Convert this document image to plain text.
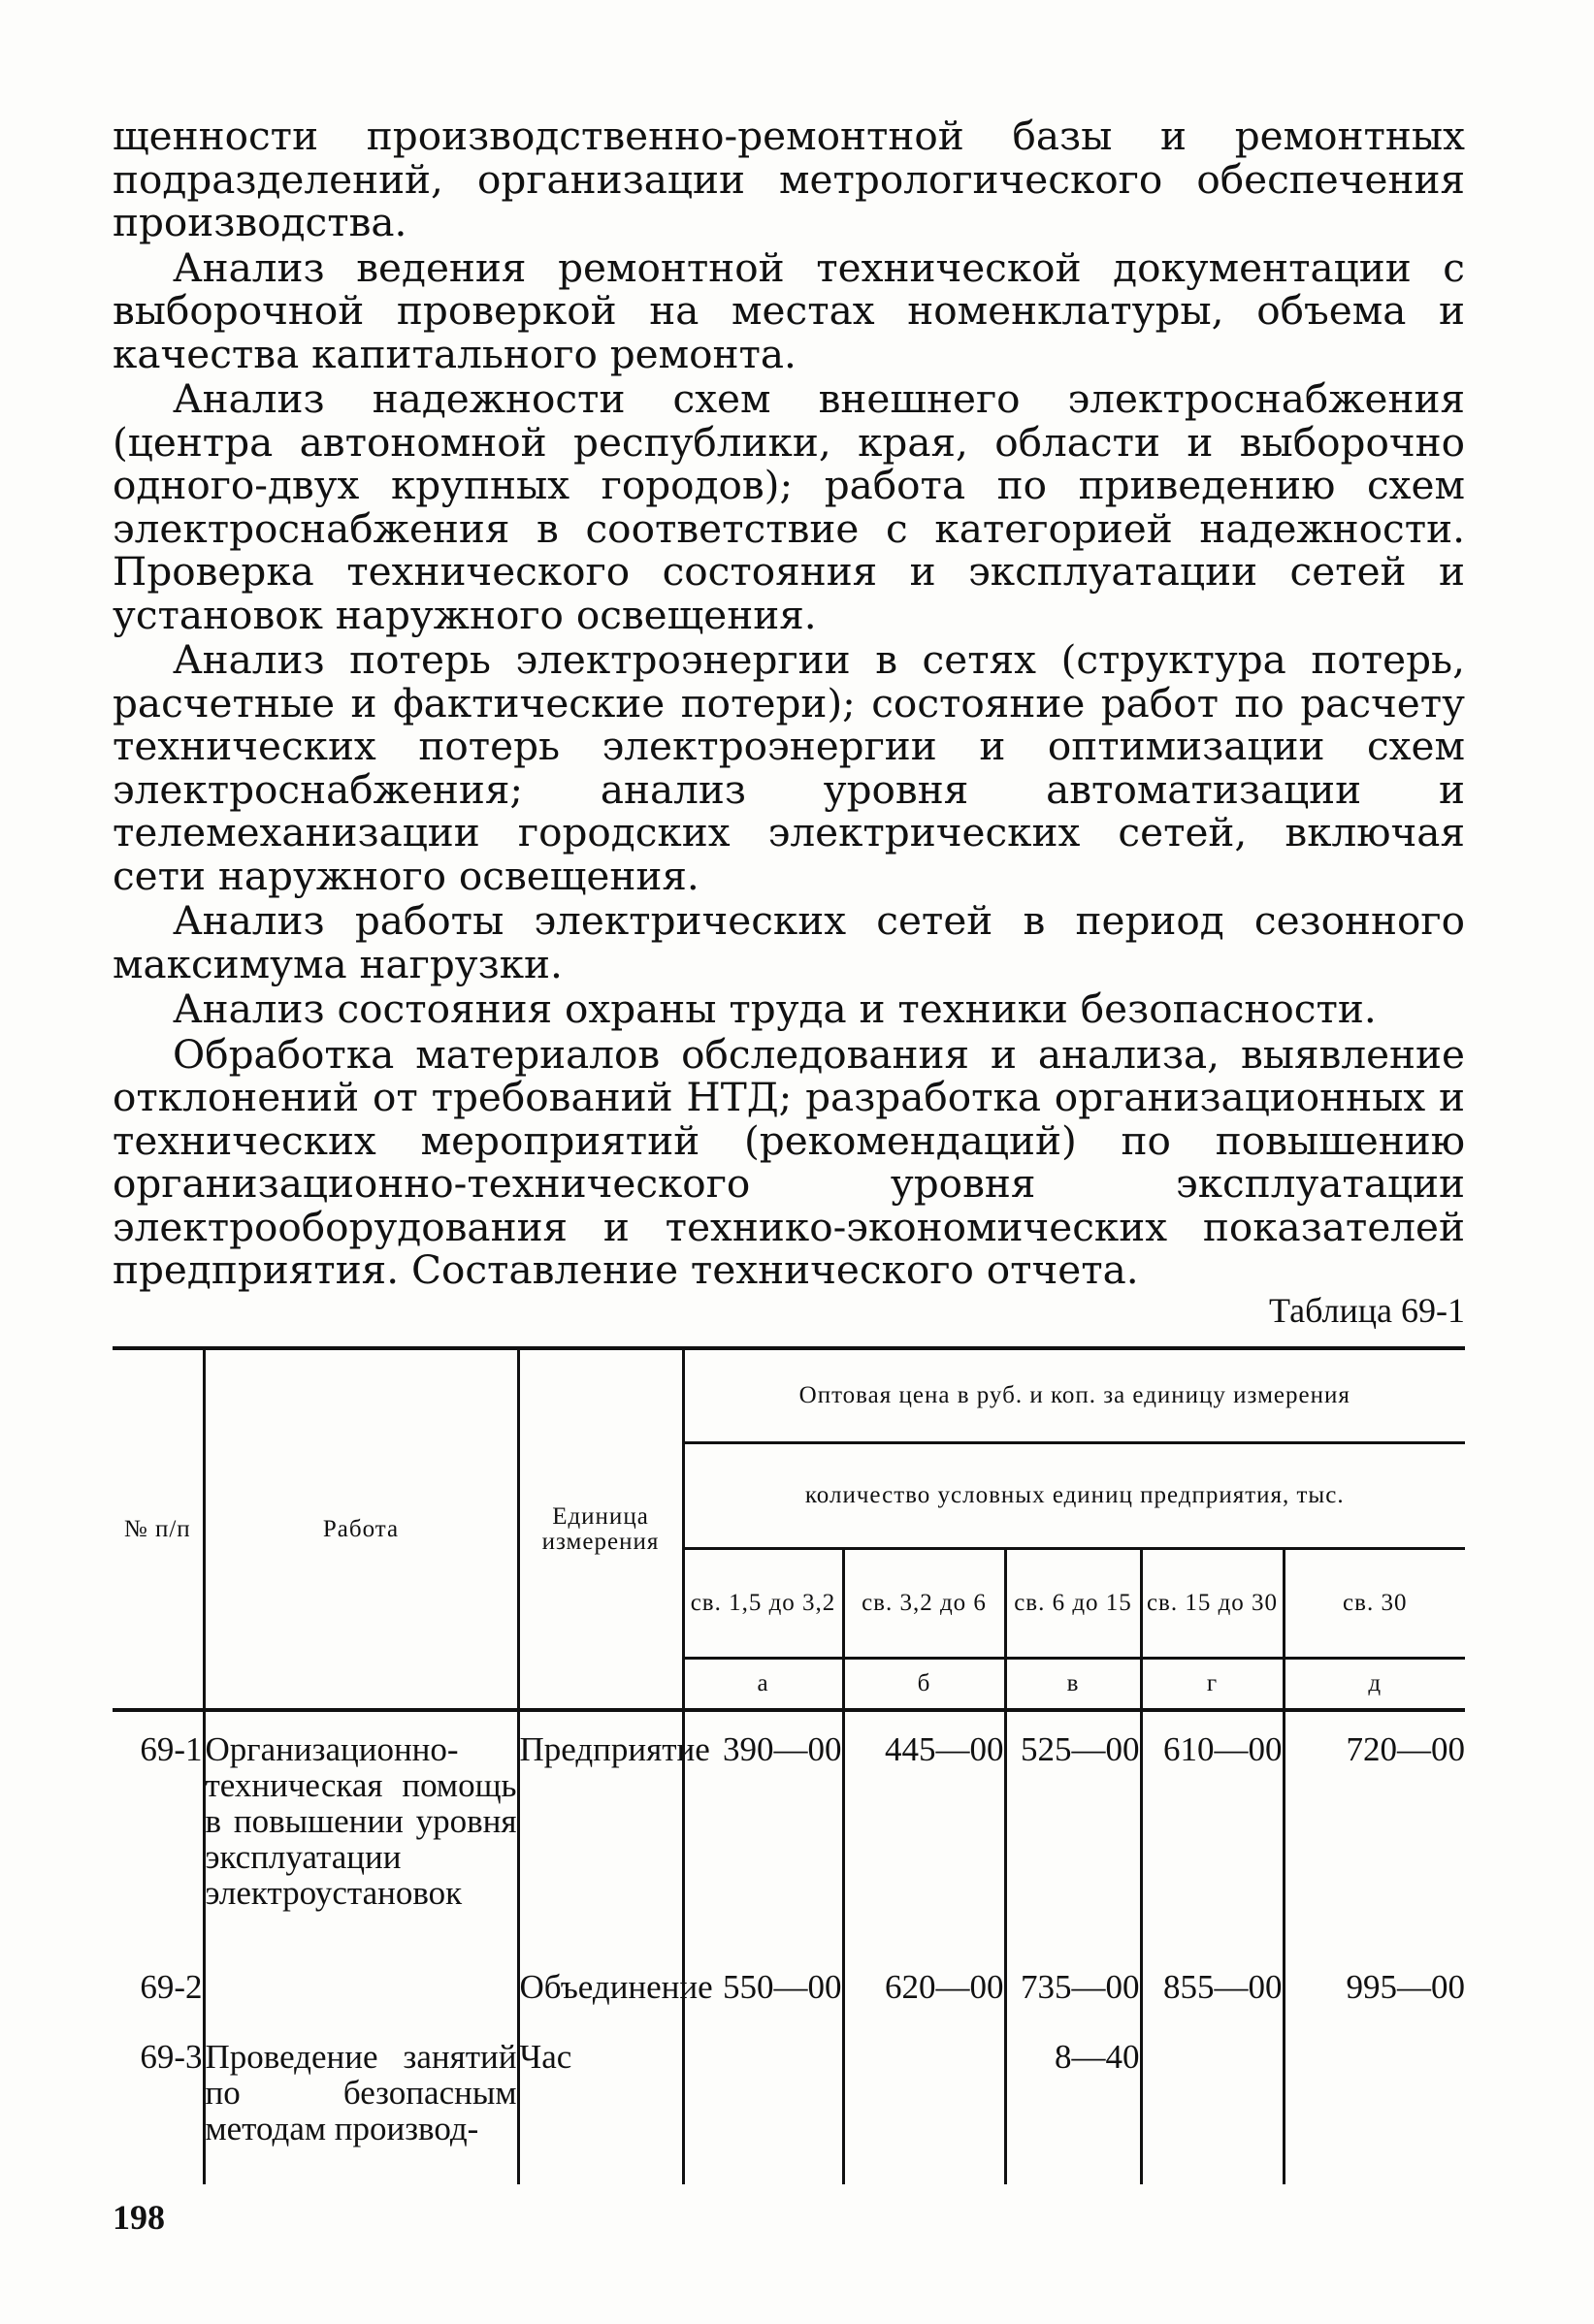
щенности производственно-ремонтной базы и ремонтных подразделений, организации метрологического обеспечения производства.

Анализ ведения ремонтной технической документации с выборочной проверкой на местах номенклатуры, объема и качества капитального ремонта.

Анализ надежности схем внешнего электроснабжения (центра автономной республики, края, области и выборочно одного-двух крупных городов); работа по приведению схем электроснабжения в соответствие с категорией надежности. Проверка технического состояния и эксплуатации сетей и установок наружного освещения.

Анализ потерь электроэнергии в сетях (структура потерь, расчетные и фактические потери); состояние работ по расчету технических потерь электроэнергии и оптимизации схем электроснабжения; анализ уровня автоматизации и телемеханизации городских электрических сетей, включая сети наружного освещения.

Анализ работы электрических сетей в период сезонного максимума нагрузки.

Анализ состояния охраны труда и техники безопасности.

Обработка материалов обследования и анализа, выявление отклонений от требований НТД; разработка организационных и технических мероприятий (рекомендаций) по повышению организационно-технического уровня эксплуатации электрооборудования и технико-экономических показателей предприятия. Составление технического отчета.

Таблица 69-1
№ п/п	Работа	Единица измерения	Оптовая цена в руб. и коп. за единицу измерения				
			количество условных единиц предприятия, тыс.				
			св. 1,5 до 3,2	св. 3,2 до 6	св. 6 до 15	св. 15 до 30	св. 30
			а	б	в	г	д
69-1	Организационно-техническая помощь в повышении уровня эксплуатации электроустановок	Предприятие	390—00	445—00	525—00	610—00	720—00
69-2		Объединение	550—00	620—00	735—00	855—00	995—00
69-3	Проведение занятий по безопасным методам производ-	Час			8—40		
198
